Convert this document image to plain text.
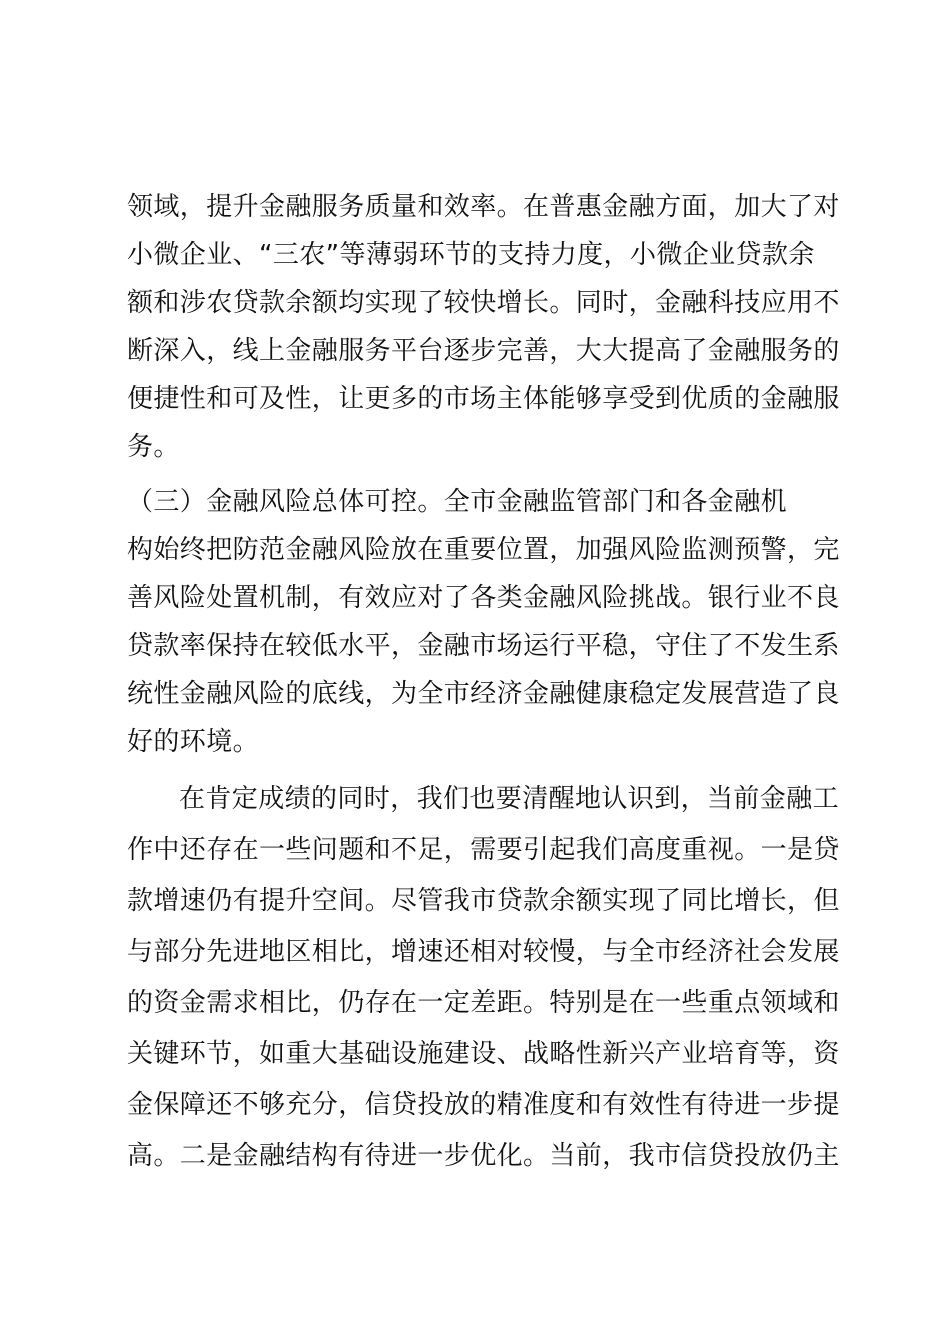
领域，提升金融服务质量和效率。在普惠金融方面，加大了对
小微企业、“三农”等薄弱环节的支持力度，小微企业贷款余
额和涉农贷款余额均实现了较快增长。同时，金融科技应用不
断深入，线上金融服务平台逐步完善，大大提高了金融服务的
便捷性和可及性，让更多的市场主体能够享受到优质的金融服
务。
（三）金融风险总体可控。全市金融监管部门和各金融机
构始终把防范金融风险放在重要位置，加强风险监测预警，完
善风险处置机制，有效应对了各类金融风险挑战。银行业不良
贷款率保持在较低水平，金融市场运行平稳，守住了不发生系
统性金融风险的底线，为全市经济金融健康稳定发展营造了良
好的环境。
在肯定成绩的同时，我们也要清醒地认识到，当前金融工
作中还存在一些问题和不足，需要引起我们高度重视。一是贷
款增速仍有提升空间。尽管我市贷款余额实现了同比增长，但
与部分先进地区相比，增速还相对较慢，与全市经济社会发展
的资金需求相比，仍存在一定差距。特别是在一些重点领域和
关键环节，如重大基础设施建设、战略性新兴产业培育等，资
金保障还不够充分，信贷投放的精准度和有效性有待进一步提
高。二是金融结构有待进一步优化。当前，我市信贷投放仍主
